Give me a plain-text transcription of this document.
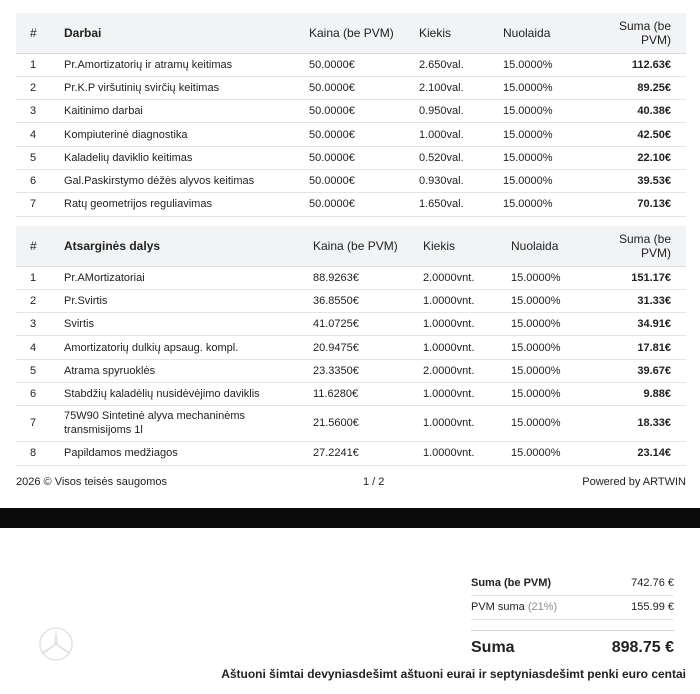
#	Darbai	Kaina (be PVM)	Kiekis	Nuolaida	Suma (be PVM)
1	Pr.Amortizatorių ir atramų keitimas	50.0000€	2.650val.	15.0000%	112.63€
2	Pr.K.P viršutinių svirčių keitimas	50.0000€	2.100val.	15.0000%	89.25€
3	Kaitinimo darbai	50.0000€	0.950val.	15.0000%	40.38€
4	Kompiuterinė diagnostika	50.0000€	1.000val.	15.0000%	42.50€
5	Kaladelių daviklio keitimas	50.0000€	0.520val.	15.0000%	22.10€
6	Gal.Paskirstymo dėžės alyvos keitimas	50.0000€	0.930val.	15.0000%	39.53€
7	Ratų geometrijos reguliavimas	50.0000€	1.650val.	15.0000%	70.13€
#	Atsarginės dalys	Kaina (be PVM)	Kiekis	Nuolaida	Suma (be PVM)
1	Pr.AMortizatoriai	88.9263€	2.0000vnt.	15.0000%	151.17€
2	Pr.Svirtis	36.8550€	1.0000vnt.	15.0000%	31.33€
3	Svirtis	41.0725€	1.0000vnt.	15.0000%	34.91€
4	Amortizatorių dulkių apsaug. kompl.	20.9475€	1.0000vnt.	15.0000%	17.81€
5	Atrama spyruoklės	23.3350€	2.0000vnt.	15.0000%	39.67€
6	Stabdžių kaladėlių nusidėvėjimo daviklis	11.6280€	1.0000vnt.	15.0000%	9.88€
7	75W90 Sintetinė alyva mechaninėms transmisijoms 1l	21.5600€	1.0000vnt.	15.0000%	18.33€
8	Papildamos medžiagos	27.2241€	1.0000vnt.	15.0000%	23.14€
2026 © Visos teisės saugomos	1 / 2	Powered by ARTWIN
Suma (be PVM)	742.76 €
PVM suma (21%)	155.99 €
Suma	898.75 €
Aštuoni šimtai devyniasdešimt aštuoni eurai ir septyniasdešimt penki euro centai
